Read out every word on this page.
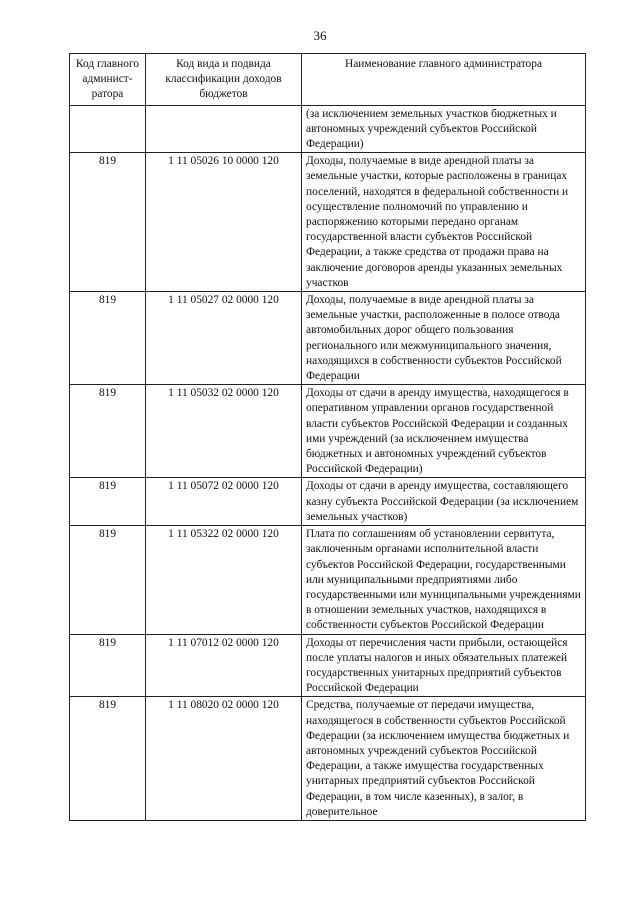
36
Код главного админист-ратора	Код вида и подвида классификации доходов бюджетов	Наименование главного администратора
		(за исключением земельных участков бюджетных и автономных учреждений субъектов Российской Федерации)
819	1 11 05026 10 0000 120	Доходы, получаемые в виде арендной платы за земельные участки, которые расположены в границах поселений, находятся в федеральной собственности и осуществление полномочий по управлению и распоряжению которыми передано органам государственной власти субъектов Российской Федерации, а также средства от продажи права на заключение договоров аренды указанных земельных участков
819	1 11 05027 02 0000 120	Доходы, получаемые в виде арендной платы за земельные участки, расположенные в полосе отвода автомобильных дорог общего пользования регионального или межмуниципального значения, находящихся в собственности субъектов Российской Федерации
819	1 11 05032 02 0000 120	Доходы от сдачи в аренду имущества, находящегося в оперативном управлении органов государственной власти субъектов Российской Федерации и созданных ими учреждений (за исключением имущества бюджетных и автономных учреждений субъектов Российской Федерации)
819	1 11 05072 02 0000 120	Доходы от сдачи в аренду имущества, составляющего казну субъекта Российской Федерации (за исключением земельных участков)
819	1 11 05322 02 0000 120	Плата по соглашениям об установлении сервитута, заключенным органами исполнительной власти субъектов Российской Федерации, государственными или муниципальными предприятиями либо государственными или муниципальными учреждениями в отношении земельных участков, находящихся в собственности субъектов Российской Федерации
819	1 11 07012 02 0000 120	Доходы от перечисления части прибыли, остающейся после уплаты налогов и иных обязательных платежей государственных унитарных предприятий субъектов Российской Федерации
819	1 11 08020 02 0000 120	Средства, получаемые от передачи имущества, находящегося в собственности субъектов Российской Федерации (за исключением имущества бюджетных и автономных учреждений субъектов Российской Федерации, а также имущества государственных унитарных предприятий субъектов Российской Федерации, в том числе казенных), в залог, в доверительное
